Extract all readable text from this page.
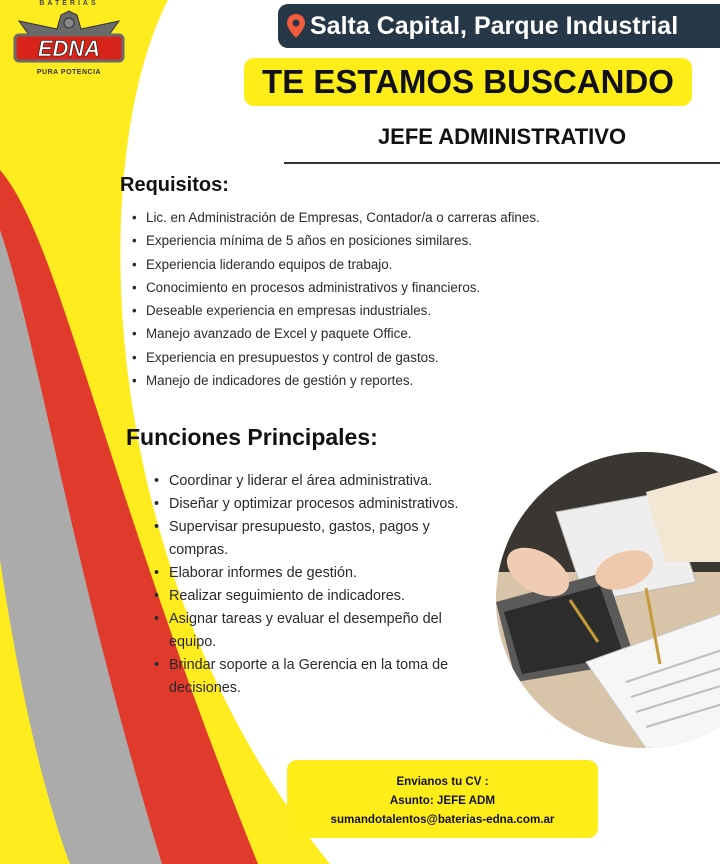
BATERIAS
EDNA
PURA POTENCIA
Salta Capital, Parque Industrial
TE ESTAMOS BUSCANDO
JEFE ADMINISTRATIVO
Requisitos:
• Lic. en Administración de Empresas, Contador/a o carreras afines.
• Experiencia mínima de 5 años en posiciones similares.
• Experiencia liderando equipos de trabajo.
• Conocimiento en procesos administrativos y financieros.
• Deseable experiencia en empresas industriales.
• Manejo avanzado de Excel y paquete Office.
• Experiencia en presupuestos y control de gastos.
• Manejo de indicadores de gestión y reportes.
Funciones Principales:
• Coordinar y liderar el área administrativa.
• Diseñar y optimizar procesos administrativos.
• Supervisar presupuesto, gastos, pagos y compras.
• Elaborar informes de gestión.
• Realizar seguimiento de indicadores.
• Asignar tareas y evaluar el desempeño del equipo.
• Brindar soporte a la Gerencia en la toma de decisiones.
Envianos tu CV :
Asunto: JEFE ADM
sumandotalentos@baterias-edna.com.ar
